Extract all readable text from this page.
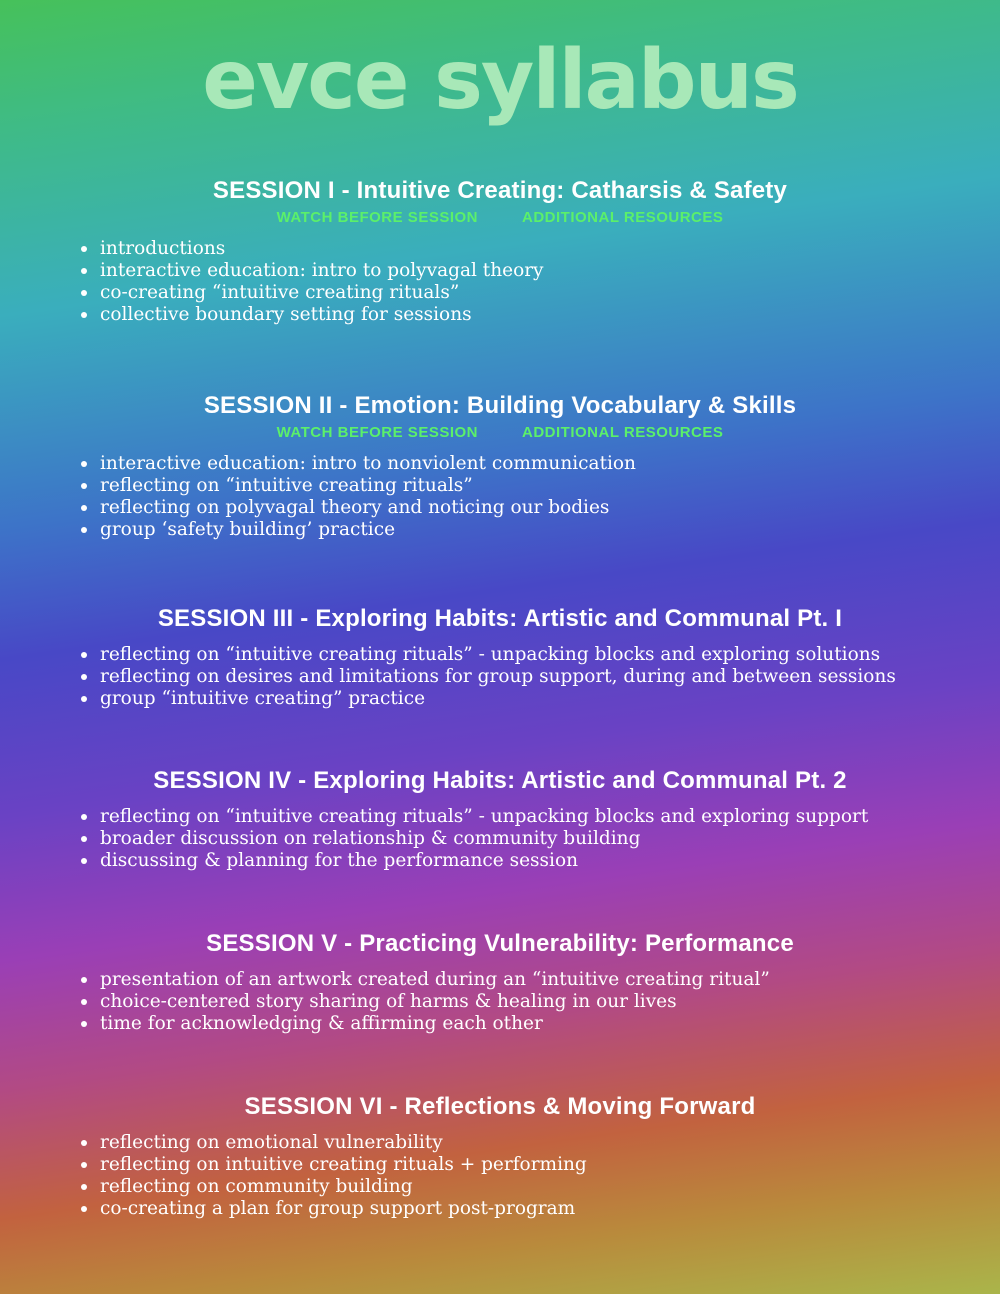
evce syllabus
SESSION I - Intuitive Creating: Catharsis & Safety
WATCH BEFORE SESSION	ADDITIONAL RESOURCES
introductions
interactive education: intro to polyvagal theory
co-creating “intuitive creating rituals”
collective boundary setting for sessions
SESSION II - Emotion: Building Vocabulary & Skills
WATCH BEFORE SESSION	ADDITIONAL RESOURCES
interactive education: intro to nonviolent communication
reflecting on “intuitive creating rituals”
reflecting on polyvagal theory and noticing our bodies
group ‘safety building’ practice
SESSION III - Exploring Habits: Artistic and Communal Pt. I
reflecting on “intuitive creating rituals” - unpacking blocks and exploring solutions
reflecting on desires and limitations for group support, during and between sessions
group “intuitive creating” practice
SESSION IV - Exploring Habits: Artistic and Communal Pt. 2
reflecting on “intuitive creating rituals” - unpacking blocks and exploring support
broader discussion on relationship & community building
discussing & planning for the performance session
SESSION V - Practicing Vulnerability: Performance
presentation of an artwork created during an “intuitive creating ritual”
choice-centered story sharing of harms & healing in our lives
time for acknowledging & affirming each other
SESSION VI - Reflections & Moving Forward
reflecting on emotional vulnerability
reflecting on intuitive creating rituals + performing
reflecting on community building
co-creating a plan for group support post-program
